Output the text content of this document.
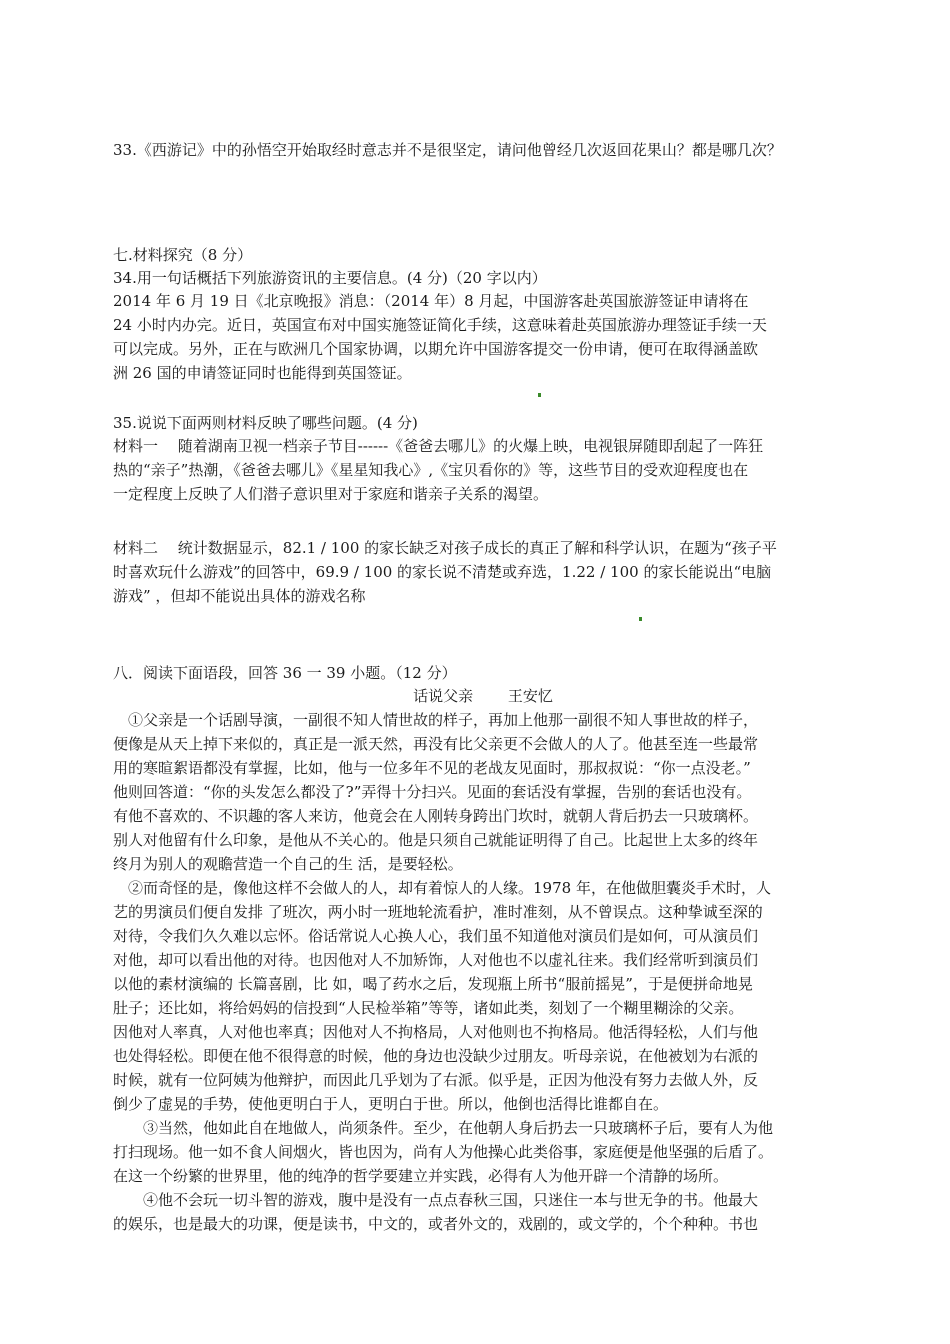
33.《西游记》中的孙悟空开始取经时意志并不是很坚定，请问他曾经几次返回花果山？都是哪几次？
七.材料探究（8 分）
34.用一句话概括下列旅游资讯的主要信息。(4 分)（20 字以内）
2014 年 6 月 19 日《北京晚报》消息：（2014 年）8 月起，中国游客赴英国旅游签证申请将在
24 小时内办完。近日，英国宣布对中国实施签证简化手续，这意味着赴英国旅游办理签证手续一天
可以完成。另外，正在与欧洲几个国家协调，以期允许中国游客提交一份申请，便可在取得涵盖欧
洲 26 国的申请签证同时也能得到英国签证。
35.说说下面两则材料反映了哪些问题。(4 分)
材料一　 随着湖南卫视一档亲子节目------《爸爸去哪儿》的火爆上映，电视银屏随即刮起了一阵狂
热的“亲子”热潮，《爸爸去哪儿》《星星知我心》,《宝贝看你的》等，这些节目的受欢迎程度也在
一定程度上反映了人们潜子意识里对于家庭和谐亲子关系的渴望。
材料二　 统计数据显示，82.1 / 100 的家长缺乏对孩子成长的真正了解和科学认识，在题为“孩子平
时喜欢玩什么游戏”的回答中，69.9 / 100 的家长说不清楚或弃选，1.22 / 100 的家长能说出“电脑
游戏” ，但却不能说出具体的游戏名称
八．阅读下面语段，回答 36 一 39 小题。（12 分）
话说父亲　　 王安忆
　①父亲是一个话剧导演，一副很不知人情世故的样子，再加上他那一副很不知人事世故的样子，
便像是从天上掉下来似的，真正是一派天然，再没有比父亲更不会做人的人了。他甚至连一些最常
用的寒暄絮语都没有掌握，比如，他与一位多年不见的老战友见面时，那叔叔说：“你一点没老。”
他则回答道：“你的头发怎么都没了?”弄得十分扫兴。见面的套话没有掌握，告别的套话也没有。
有他不喜欢的、不识趣的客人来访，他竟会在人刚转身跨出门坎时，就朝人背后扔去一只玻璃杯。
别人对他留有什么印象，是他从不关心的。他是只须自己就能证明得了自己。比起世上太多的终年
终月为别人的观瞻营造一个自己的生 活，是要轻松。
　②而奇怪的是，像他这样不会做人的人，却有着惊人的人缘。1978 年，在他做胆囊炎手术时，人
艺的男演员们便自发排 了班次，两小时一班地轮流看护，准时准刻，从不曾误点。这种挚诚至深的
对待，令我们久久难以忘怀。俗话常说人心换人心，我们虽不知道他对演员们是如何，可从演员们
对他，却可以看出他的对待。也因他对人不加矫饰，人对他也不以虚礼往来。我们经常听到演员们
以他的素材演编的 长篇喜剧，比 如，喝了药水之后，发现瓶上所书“服前摇晃”，于是便拼命地晃
肚子；还比如，将给妈妈的信投到“人民检举箱”等等，诸如此类，刻划了一个糊里糊涂的父亲。
因他对人率真，人对他也率真；因他对人不拘格局，人对他则也不拘格局。他活得轻松，人们与他
也处得轻松。即便在他不很得意的时候，他的身边也没缺少过朋友。听母亲说，在他被划为右派的
时候，就有一位阿姨为他辩护，而因此几乎划为了右派。似乎是，正因为他没有努力去做人外，反
倒少了虚晃的手势，使他更明白于人，更明白于世。所以，他倒也活得比谁都自在。
　　③当然，他如此自在地做人，尚须条件。至少，在他朝人身后扔去一只玻璃杯子后，要有人为他
打扫现场。他一如不食人间烟火，皆也因为，尚有人为他操心此类俗事，家庭便是他坚强的后盾了。
在这一个纷繁的世界里，他的纯净的哲学要建立并实践，必得有人为他开辟一个清静的场所。
　　④他不会玩一切斗智的游戏，腹中是没有一点点春秋三国，只迷住一本与世无争的书。他最大
的娱乐，也是最大的功课，便是读书，中文的，或者外文的，戏剧的，或文学的，个个种种。书也
